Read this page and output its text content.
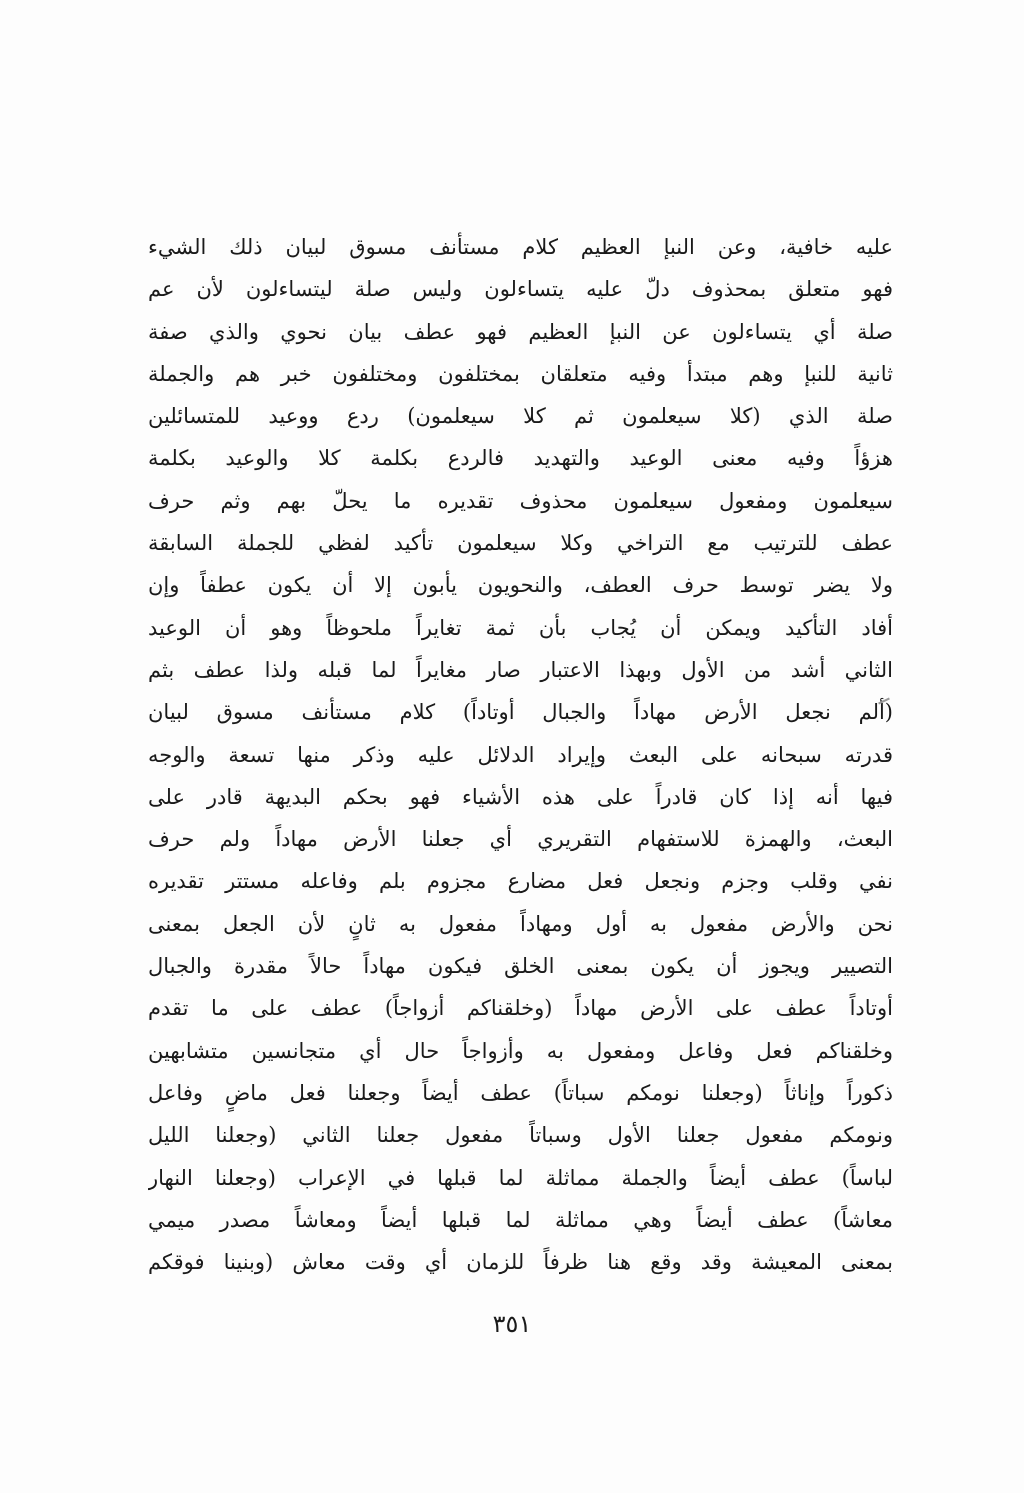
عليه خافية، وعن النبإ العظيم كلام مستأنف مسوق لبيان ذلك الشيء
فهو متعلق بمحذوف دلّ عليه يتساءلون وليس صلة ليتساءلون لأن عم
صلة أي يتساءلون عن النبإ العظيم فهو عطف بيان نحوي والذي صفة
ثانية للنبإ وهم مبتدأ وفيه متعلقان بمختلفون ومختلفون خبر هم والجملة
صلة الذي (كلا سيعلمون ثم كلا سيعلمون) ردع ووعيد للمتسائلين
هزؤاً وفيه معنى الوعيد والتهديد فالردع بكلمة كلا والوعيد بكلمة
سيعلمون ومفعول سيعلمون محذوف تقديره ما يحلّ بهم وثم حرف
عطف للترتيب مع التراخي وكلا سيعلمون تأكيد لفظي للجملة السابقة
ولا يضر توسط حرف العطف، والنحويون يأبون إلا أن يكون عطفاً وإن
أفاد التأكيد ويمكن أن يُجاب بأن ثمة تغايراً ملحوظاً وهو أن الوعيد
الثاني أشد من الأول وبهذا الاعتبار صار مغايراً لما قبله ولذا عطف بثم
(ألم نجعل الأرض مهاداً والجبال أوتاداً) كلام مستأنف مسوق لبيان
قدرته سبحانه على البعث وإيراد الدلائل عليه وذكر منها تسعة والوجه
فيها أنه إذا كان قادراً على هذه الأشياء فهو بحكم البديهة قادر على
البعث، والهمزة للاستفهام التقريري أي جعلنا الأرض مهاداً ولم حرف
نفي وقلب وجزم ونجعل فعل مضارع مجزوم بلم وفاعله مستتر تقديره
نحن والأرض مفعول به أول ومهاداً مفعول به ثانٍ لأن الجعل بمعنى
التصيير ويجوز أن يكون بمعنى الخلق فيكون مهاداً حالاً مقدرة والجبال
أوتاداً عطف على الأرض مهاداً (وخلقناكم أزواجاً) عطف على ما تقدم
وخلقناكم فعل وفاعل ومفعول به وأزواجاً حال أي متجانسين متشابهين
ذكوراً وإناثاً (وجعلنا نومكم سباتاً) عطف أيضاً وجعلنا فعل ماضٍ وفاعل
ونومكم مفعول جعلنا الأول وسباتاً مفعول جعلنا الثاني (وجعلنا الليل
لباساً) عطف أيضاً والجملة مماثلة لما قبلها في الإعراب (وجعلنا النهار
معاشاً) عطف أيضاً وهي مماثلة لما قبلها أيضاً ومعاشاً مصدر ميمي
بمعنى المعيشة وقد وقع هنا ظرفاً للزمان أي وقت معاش (وبنينا فوقكم
٣٥١
